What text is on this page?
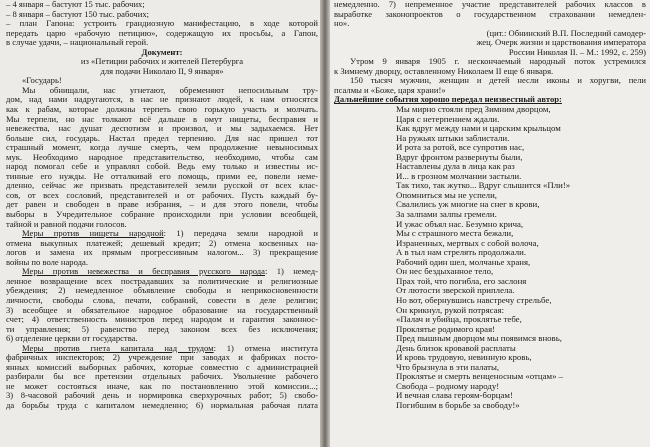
– 4 января – бастуют 15 тыс. рабочих;
– 8 января – бастуют 150 тыс. рабочих;
– план Гапона: устроить грандиозную манифестацию, в ходе которой
передать царю «рабочую петицию», содержащую их просьбы, а Гапон,
в случае удачи, – национальный герой.
Документ:
из «Петиции рабочих и жителей Петербурга
для подачи Николаю II, 9 января»
«Государь!
Мы обнищали, нас угнетают, обременяют непосильным тру-
дом, над нами надругаются, в нас не признают людей, к нам относятся
как к рабам, которые должны терпеть свою горькую участь и молчать.
Мы терпели, но нас толкают всё дальше в омут нищеты, бесправия и
невежества, нас душат деспотизм и произвол, и мы задыхаемся. Нет
больше сил, государь. Настал предел терпению. Для нас пришел тот
страшный момент, когда лучше смерть, чем продолжение невыносимых
мук. Необходимо народное представительство, необходимо, чтобы сам
народ помогал себе и управлял собой. Ведь ему только и известны ис-
тинные его нужды. Не отталкивай его помощь, прими ее, повели неме-
дленно, сейчас же призвать представителей земли русской от всех клас-
сов, от всех сословий, представителей и от рабочих. Пусть каждый бу-
дет равен и свободен в праве избрания, – и для этого повели, чтобы
выборы в Учредительное собрание происходили при условии всеобщей,
тайной и равной подачи голосов.
Меры против нищеты народной: 1) передача земли народной и
отмена выкупных платежей; дешевый кредит; 2) отмена косвенных на-
логов и замена их прямым прогрессивным налогом... 3) прекращение
войны по воле народа.
Меры против невежества и бесправия русского народа: 1) немед-
ленное возвращение всех пострадавших за политические и религиозные
убеждения; 2) немедленное объявление свободы и неприкосновенности
личности, свободы слова, печати, собраний, совести в деле религии;
3) всеобщее и обязательное народное образование на государственный
счет; 4) ответственность министров перед народом и гарантия законнос-
ти управления; 5) равенство перед законом всех без исключения;
6) отделение церкви от государства.
Меры против гнета капитала над трудом: 1) отмена института
фабричных инспекторов; 2) учреждение при заводах и фабриках посто-
янных комиссий выборных рабочих, которые совместно с администрацией
разбирали бы все претензии отдельных рабочих. Увольнение рабочего
не может состояться иначе, как по постановлению этой комиссии...;
3) 8-часовой рабочий день и нормировка сверхурочных работ; 5) свобо-
да борьбы труда с капиталом немедленно; 6) нормальная рабочая плата
немедленно. 7) непременное участие представителей рабочих классов в
выработке законопроектов о государственном страховании немедлен-
но».
(цит.: Обнинский В.П. Последний самодер-
жец. Очерк жизни и царствования императора
России Николая II. – М.: 1992, с. 259)
Утром 9 января 1905 г. нескончаемый народный поток устремился
к Зимнему дворцу, оставленному Николаем II еще 6 января.
150 тысяч мужчин, женщин и детей несли иконы и хоругви, пели
псалмы и «Боже, царя храни!»
Дальнейшие события хорошо передал неизвестный автор:
Мы мирно стояли пред Зимним дворцом,
Царя с нетерпением ждали.
Как вдруг между нами и царским крыльцом
На ружьях штыки заблистали.
И рота за ротой, все супротив нас,
Вдруг фронтом развернуты были,
Наставлены дула в лица как раз
И... в грозном молчании застыли.
Так тихо, так жутко... Вдруг слышится «Пли!»
Опомниться мы не успели,
Свалились уж многие на снег в крови,
За залпами залпы гремели.
И ужас объял нас. Безумно крича,
Мы с страшного места бежали,
Израненных, мертвых с собой волоча,
А в тыл нам стрелять продолжали.
Рабочий один шел, молчанье храня,
Он нес бездыханное тело,
Прах той, что погибла, его заслоня
От лютости зверской приплела.
Но вот, обернувшись навстречу стрельбе,
Он крикнул, рукой потрясая:
«Палач и убийца, проклятье тебе,
Проклятье родимого края!
Пред пышным дворцом мы появимся вновь,
День близок кровавой расплаты
И кровь трудовую, невинную кровь,
Что брызнула в эти палаты,
Проклятье и смерть венценосным «отцам» –
Свобода – родному народу!
И вечная слава героям-борцам!
Погибшим в борьбе за свободу!»
